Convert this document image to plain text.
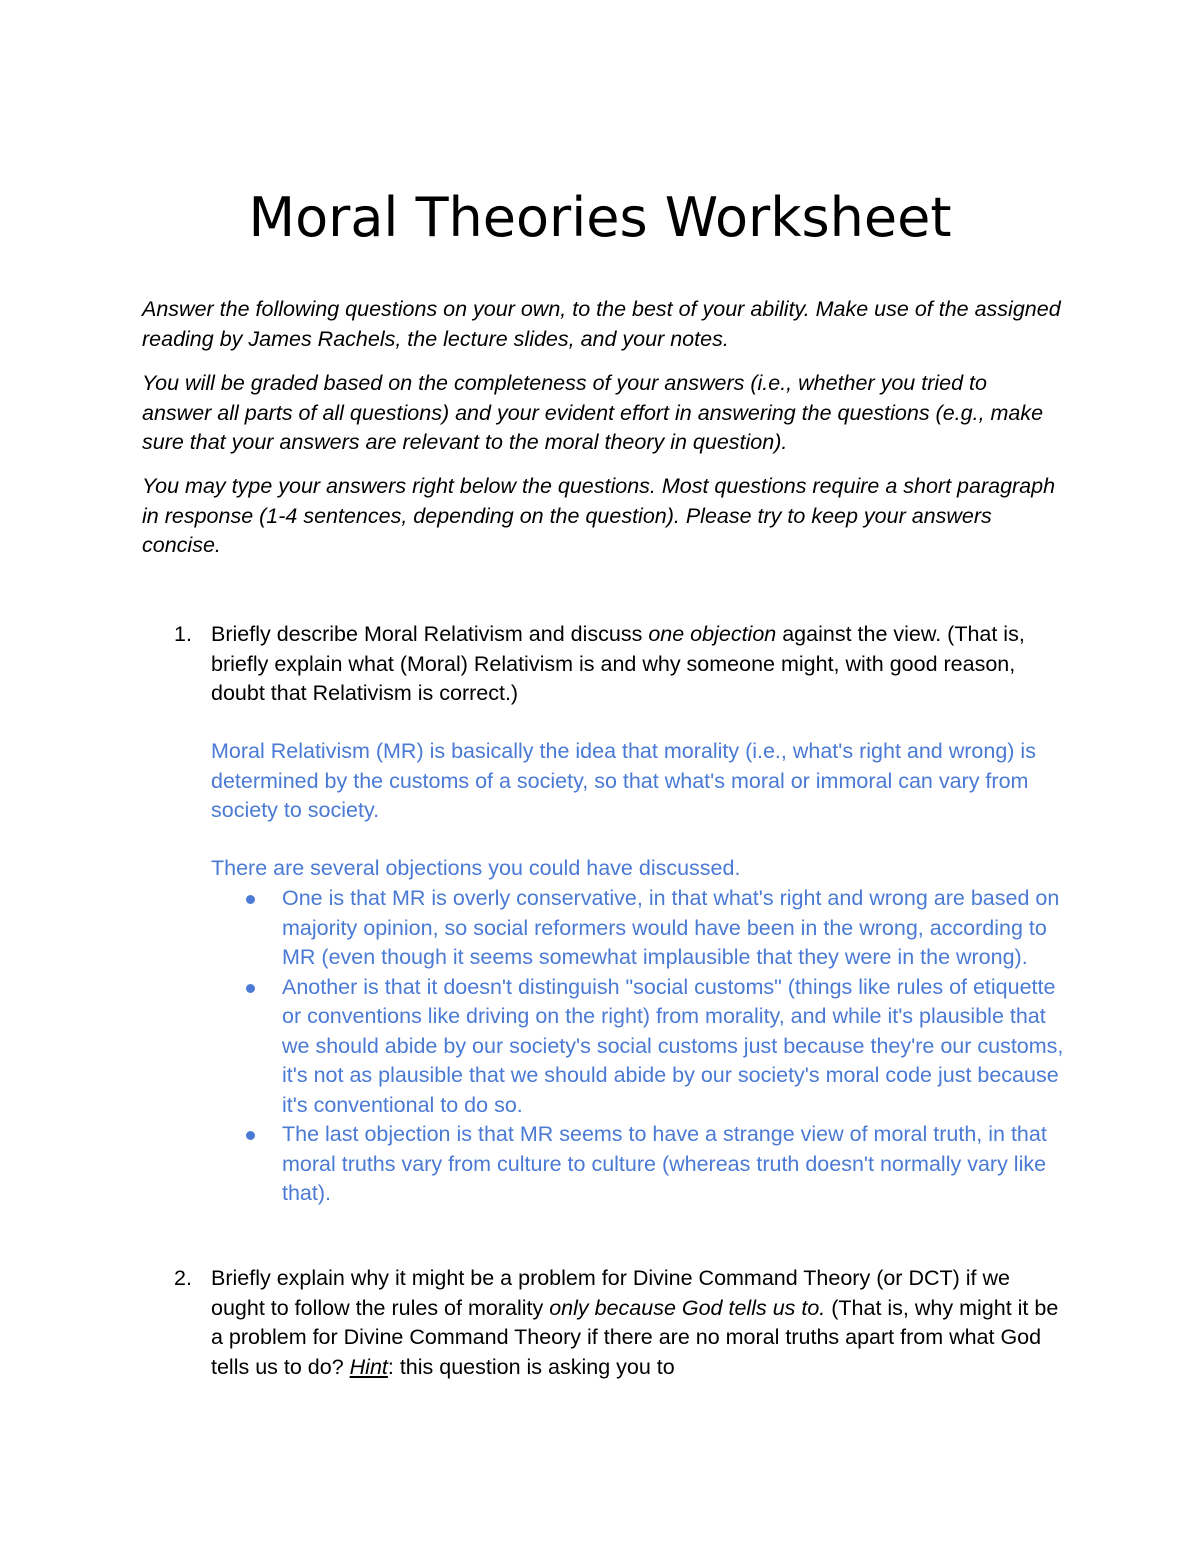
Moral Theories Worksheet

Answer the following questions on your own, to the best of your ability. Make use of the assigned reading by James Rachels, the lecture slides, and your notes.

You will be graded based on the completeness of your answers (i.e., whether you tried to answer all parts of all questions) and your evident effort in answering the questions (e.g., make sure that your answers are relevant to the moral theory in question).

You may type your answers right below the questions. Most questions require a short paragraph in response (1-4 sentences, depending on the question). Please try to keep your answers concise.

1. Briefly describe Moral Relativism and discuss one objection against the view. (That is, briefly explain what (Moral) Relativism is and why someone might, with good reason, doubt that Relativism is correct.)

Moral Relativism (MR) is basically the idea that morality (i.e., what's right and wrong) is determined by the customs of a society, so that what's moral or immoral can vary from society to society.

There are several objections you could have discussed.

One is that MR is overly conservative, in that what's right and wrong are based on majority opinion, so social reformers would have been in the wrong, according to MR (even though it seems somewhat implausible that they were in the wrong).
Another is that it doesn't distinguish "social customs" (things like rules of etiquette or conventions like driving on the right) from morality, and while it's plausible that we should abide by our society's social customs just because they're our customs, it's not as plausible that we should abide by our society's moral code just because it's conventional to do so.
The last objection is that MR seems to have a strange view of moral truth, in that moral truths vary from culture to culture (whereas truth doesn't normally vary like that).
2. Briefly explain why it might be a problem for Divine Command Theory (or DCT) if we ought to follow the rules of morality only because God tells us to. (That is, why might it be a problem for Divine Command Theory if there are no moral truths apart from what God tells us to do? Hint: this question is asking you to
